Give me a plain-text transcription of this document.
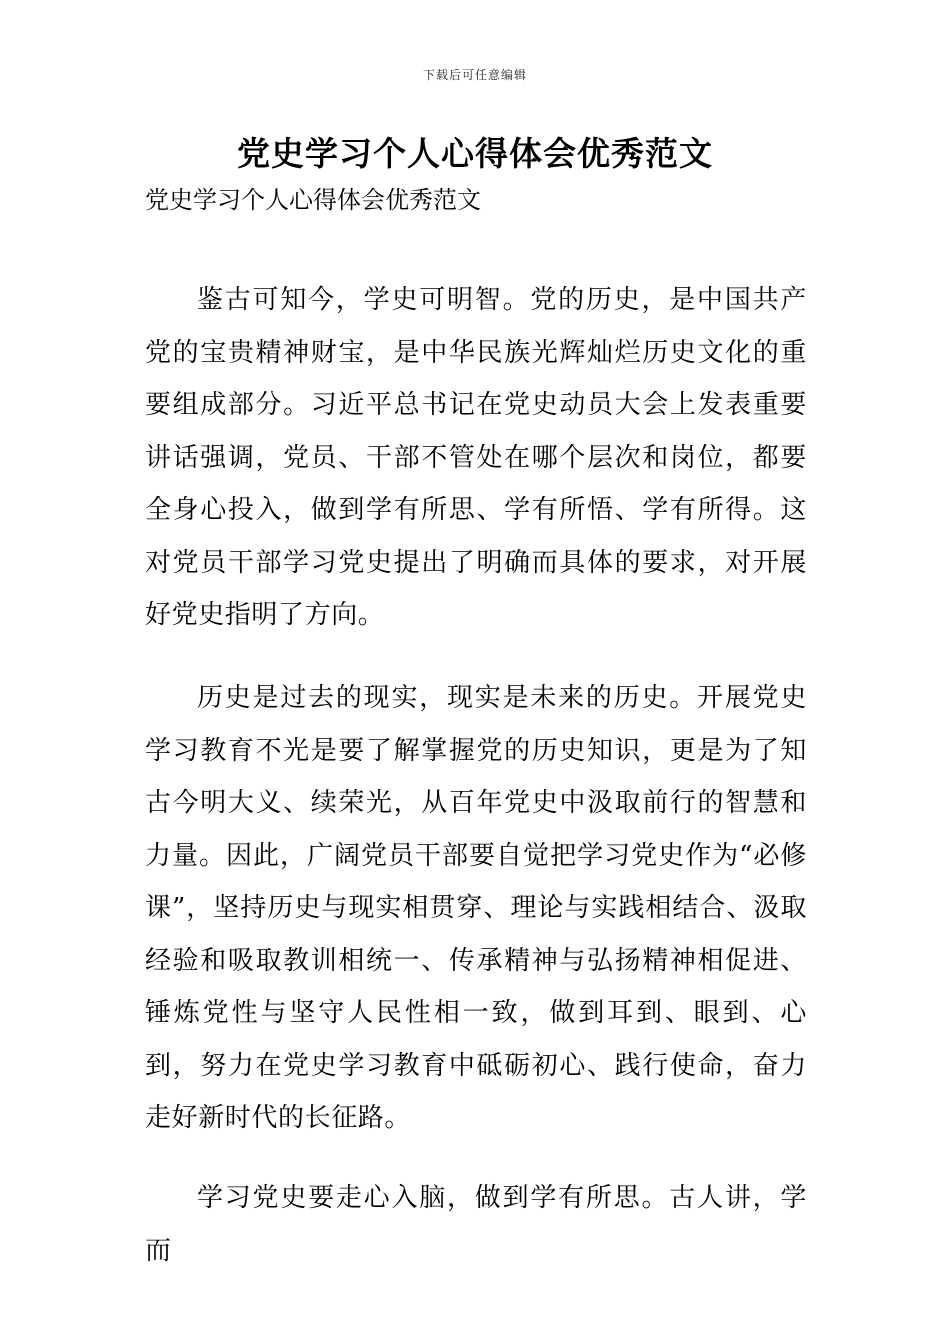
下载后可任意编辑
党史学习个人心得体会优秀范文

党史学习个人心得体会优秀范文

鉴古可知今，学史可明智。党的历史，是中国共产党的宝贵精神财宝，是中华民族光辉灿烂历史文化的重要组成部分。习近平总书记在党史动员大会上发表重要讲话强调，党员、干部不管处在哪个层次和岗位，都要全身心投入，做到学有所思、学有所悟、学有所得。这对党员干部学习党史提出了明确而具体的要求，对开展好党史指明了方向。

历史是过去的现实，现实是未来的历史。开展党史学习教育不光是要了解掌握党的历史知识，更是为了知古今明大义、续荣光，从百年党史中汲取前行的智慧和力量。因此，广阔党员干部要自觉把学习党史作为“必修课”，坚持历史与现实相贯穿、理论与实践相结合、汲取经验和吸取教训相统一、传承精神与弘扬精神相促进、锤炼党性与坚守人民性相一致，做到耳到、眼到、心到，努力在党史学习教育中砥砺初心、践行使命，奋力走好新时代的长征路。

学习党史要走心入脑，做到学有所思。古人讲，学而
